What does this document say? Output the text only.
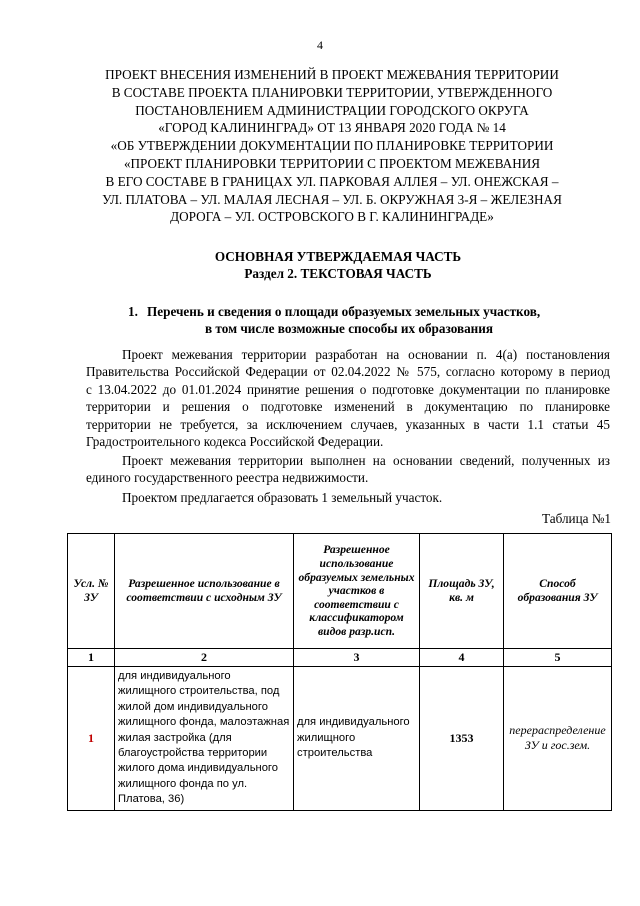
4
ПРОЕКТ ВНЕСЕНИЯ ИЗМЕНЕНИЙ В ПРОЕКТ МЕЖЕВАНИЯ ТЕРРИТОРИИ
В СОСТАВЕ ПРОЕКТА ПЛАНИРОВКИ ТЕРРИТОРИИ, УТВЕРЖДЕННОГО
ПОСТАНОВЛЕНИЕМ АДМИНИСТРАЦИИ ГОРОДСКОГО ОКРУГА
«ГОРОД КАЛИНИНГРАД» ОТ 13 ЯНВАРЯ 2020 ГОДА № 14
«ОБ УТВЕРЖДЕНИИ ДОКУМЕНТАЦИИ ПО ПЛАНИРОВКЕ ТЕРРИТОРИИ
«ПРОЕКТ ПЛАНИРОВКИ ТЕРРИТОРИИ С ПРОЕКТОМ МЕЖЕВАНИЯ
В ЕГО СОСТАВЕ В ГРАНИЦАХ УЛ. ПАРКОВАЯ АЛЛЕЯ – УЛ. ОНЕЖСКАЯ –
УЛ. ПЛАТОВА – УЛ. МАЛАЯ ЛЕСНАЯ – УЛ. Б. ОКРУЖНАЯ 3-Я – ЖЕЛЕЗНАЯ
ДОРОГА – УЛ. ОСТРОВСКОГО В Г. КАЛИНИНГРАДЕ»
ОСНОВНАЯ УТВЕРЖДАЕМАЯ ЧАСТЬ
Раздел 2. ТЕКСТОВАЯ ЧАСТЬ
1. Перечень и сведения о площади образуемых земельных участков,
в том числе возможные способы их образования
Проект межевания территории разработан на основании п. 4(а) постановления
Правительства Российской Федерации от 02.04.2022 № 575, согласно которому в период
с 13.04.2022 до 01.01.2024 принятие решения о подготовке документации по планировке
территории и решения о подготовке изменений в документацию по планировке
территории не требуется, за исключением случаев, указанных в части 1.1 статьи 45
Градостроительного кодекса Российской Федерации.
Проект межевания территории выполнен на основании сведений, полученных из
единого государственного реестра недвижимости.
Проектом предлагается образовать 1 земельный участок.
Таблица №1
Усл. № ЗУ	Разрешенное использование в соответствии с исходным ЗУ	Разрешенное использование образуемых земельных участков в соответствии с классификатором видов разр.исп.	Площадь ЗУ, кв. м	Способ образования ЗУ
1	2	3	4	5
1	для индивидуального жилищного строительства, под жилой дом индивидуального жилищного фонда, малоэтажная жилая застройка (для благоустройства территории жилого дома индивидуального жилищного фонда по ул. Платова, 36)	для индивидуального жилищного строительства	1353	перераспределение ЗУ и гос.зем.
